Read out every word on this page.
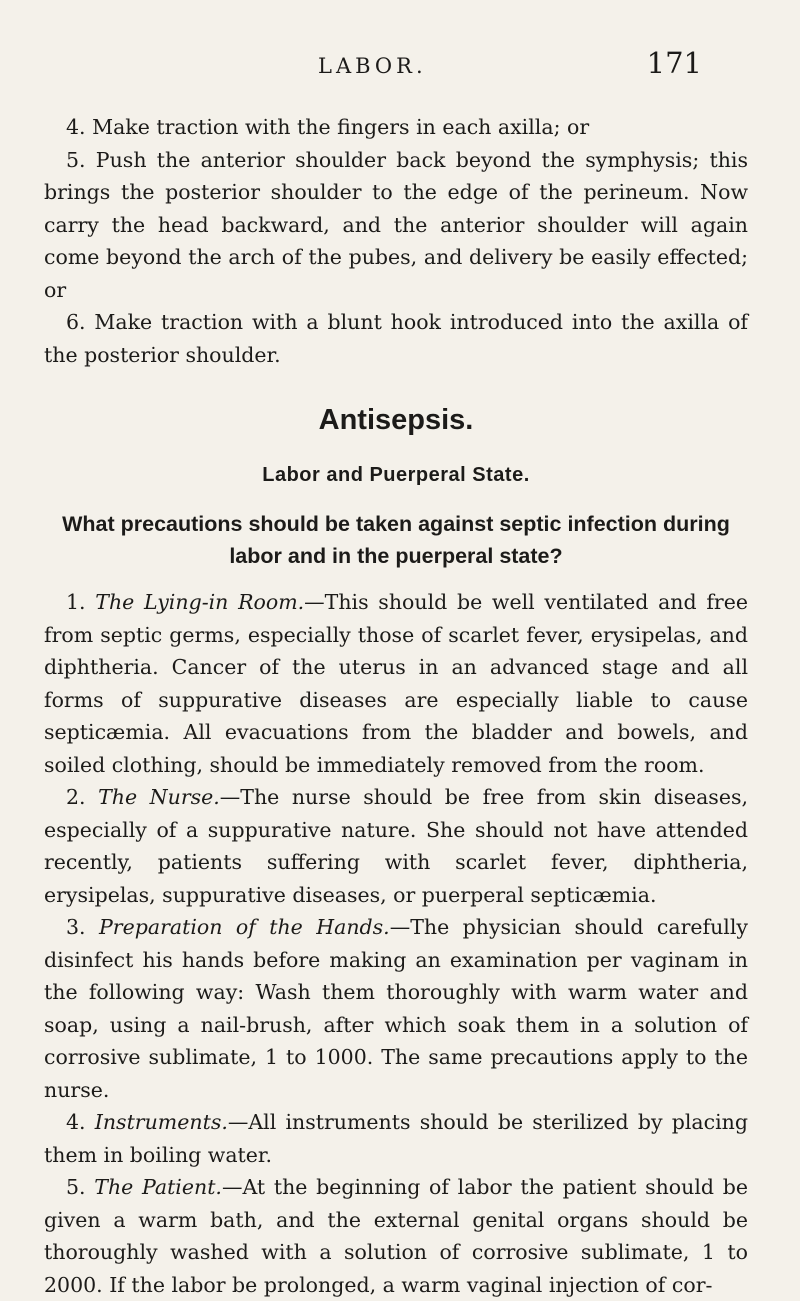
LABOR.	171

4. Make traction with the fingers in each axilla; or

5. Push the anterior shoulder back beyond the symphysis; this brings the posterior shoulder to the edge of the perineum. Now carry the head backward, and the anterior shoulder will again come beyond the arch of the pubes, and delivery be easily effected; or

6. Make traction with a blunt hook introduced into the axilla of the posterior shoulder.

Antisepsis.
Labor and Puerperal State.
What precautions should be taken against septic infection during labor and in the puerperal state?

1. The Lying-in Room.—This should be well ventilated and free from septic germs, especially those of scarlet fever, erysipelas, and diphtheria. Cancer of the uterus in an advanced stage and all forms of suppurative diseases are especially liable to cause septicæmia. All evacuations from the bladder and bowels, and soiled clothing, should be immediately removed from the room.

2. The Nurse.—The nurse should be free from skin diseases, especially of a suppurative nature. She should not have attended recently, patients suffering with scarlet fever, diphtheria, erysipelas, suppurative diseases, or puerperal septicæmia.

3. Preparation of the Hands.—The physician should carefully disinfect his hands before making an examination per vaginam in the following way: Wash them thoroughly with warm water and soap, using a nail-brush, after which soak them in a solution of corrosive sublimate, 1 to 1000. The same precautions apply to the nurse.

4. Instruments.—All instruments should be sterilized by placing them in boiling water.

5. The Patient.—At the beginning of labor the patient should be given a warm bath, and the external genital organs should be thoroughly washed with a solution of corrosive sublimate, 1 to 2000. If the labor be prolonged, a warm vaginal injection of cor-
